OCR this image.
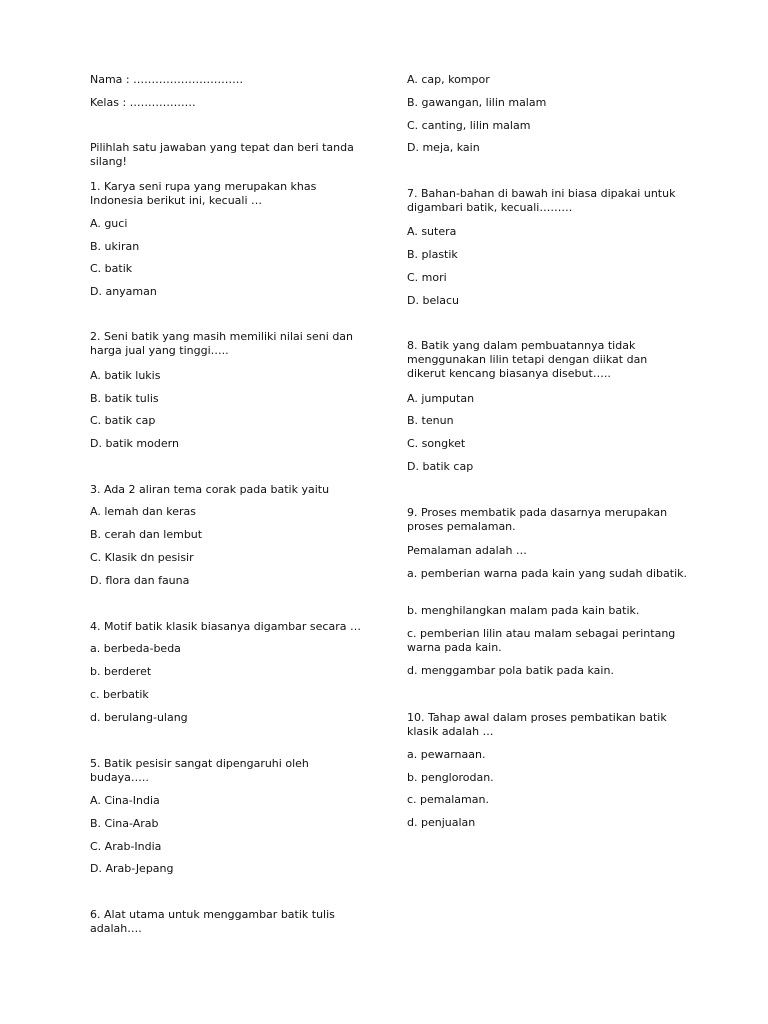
Nama : …………………………
Kelas : ………………
Pilihlah satu jawaban yang tepat dan beri tanda silang!
1. Karya seni rupa yang merupakan khas Indonesia berikut ini, kecuali …
A. guci
B. ukiran
C. batik
D. anyaman
2. Seni batik yang masih memiliki nilai seni dan harga jual yang tinggi…..
A. batik lukis
B. batik tulis
C. batik cap
D. batik modern
3. Ada 2 aliran tema corak pada batik yaitu
A. lemah dan keras
B. cerah dan lembut
C. Klasik dn pesisir
D. flora dan fauna
4. Motif batik klasik biasanya digambar secara …
a. berbeda-beda
b. berderet
c. berbatik
d. berulang-ulang
5. Batik pesisir sangat dipengaruhi oleh budaya…..
A. Cina-India
B. Cina-Arab
C. Arab-India
D. Arab-Jepang
6. Alat utama untuk menggambar batik tulis adalah….
A. cap, kompor
B. gawangan, lilin malam
C. canting, lilin malam
D. meja, kain
7. Bahan-bahan di bawah ini biasa dipakai untuk digambari batik, kecuali………
A. sutera
B. plastik
C. mori
D. belacu
8. Batik yang dalam pembuatannya tidak menggunakan lilin tetapi dengan diikat dan dikerut kencang biasanya disebut…..
A. jumputan
B. tenun
C. songket
D. batik cap
9. Proses membatik pada dasarnya merupakan proses pemalaman.
Pemalaman adalah …
a. pemberian warna pada kain yang sudah dibatik.
b. menghilangkan malam pada kain batik.
c. pemberian lilin atau malam sebagai perintang warna pada kain.
d. menggambar pola batik pada kain.
10. Tahap awal dalam proses pembatikan batik klasik adalah …
a. pewarnaan.
b. penglorodan.
c. pemalaman.
d. penjualan
